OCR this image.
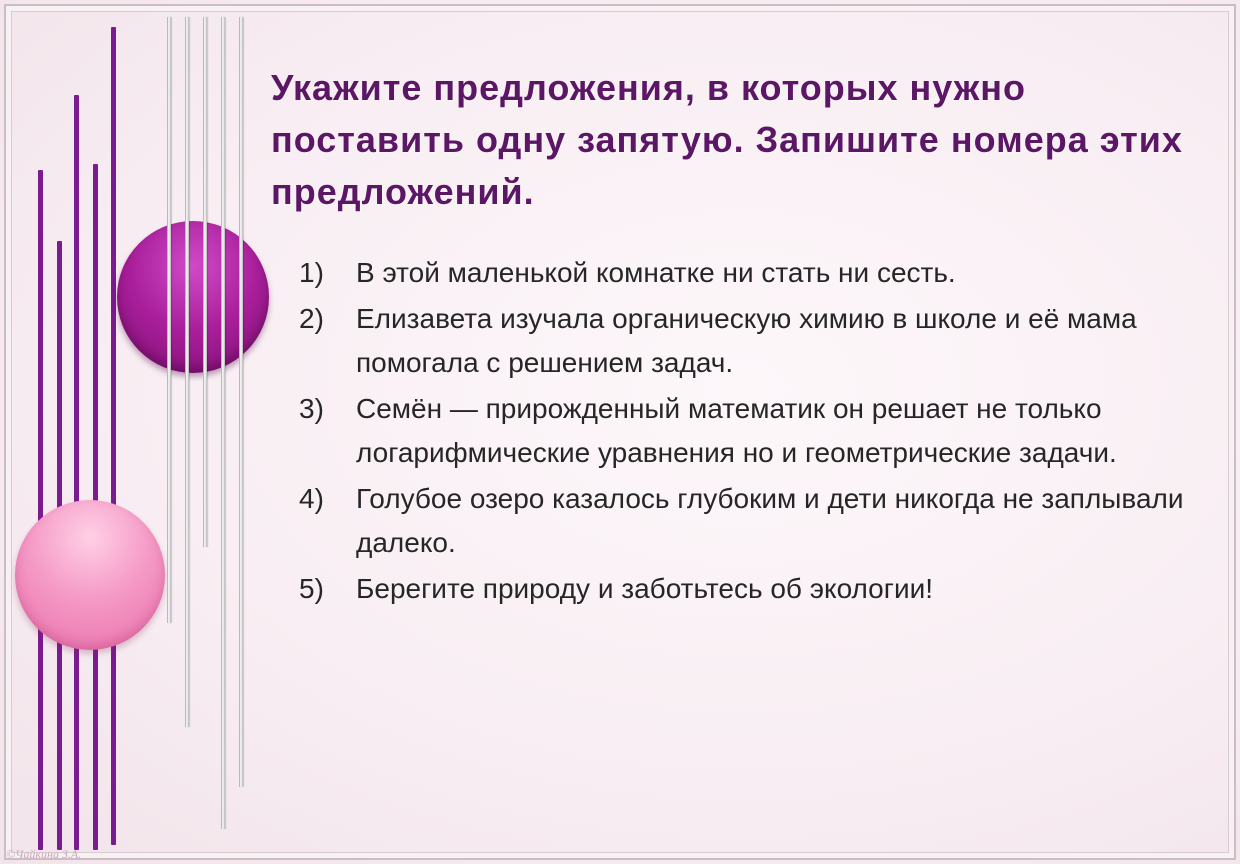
Укажите предложения, в которых нужно поставить одну запятую. Запишите номера этих предложений.
1) В этой маленькой комнатке ни стать ни сесть.
2) Елизавета изучала органическую химию в школе и её мама помогала с решением задач.
3) Семён — прирожденный математик он решает не только логарифмические уравнения но и геометрические задачи.
4) Голубое озеро казалось глубоким и дети никогда не заплывали далеко.
5) Берегите природу и заботьтесь об экологии!
©Чайкина З.А.
